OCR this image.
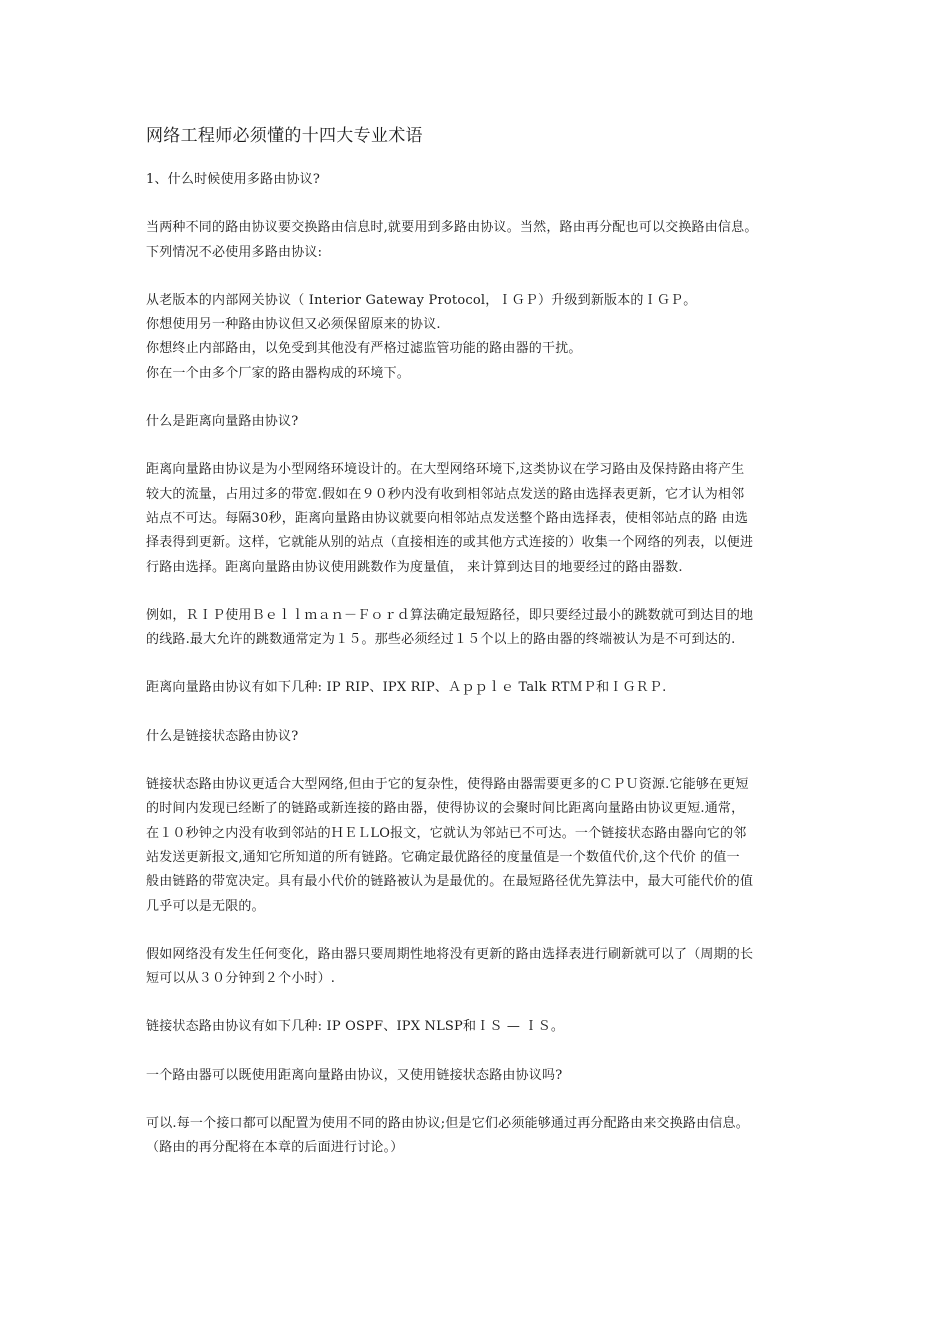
网络工程师必须懂的十四大专业术语

1、什么时候使用多路由协议?

当两种不同的路由协议要交换路由信息时,就要用到多路由协议。当然，路由再分配也可以交换路由信息。
下列情况不必使用多路由协议:

从老版本的内部网关协议（ Interior Gateway Protocol，ＩＧＰ）升级到新版本的ＩＧＰ。
你想使用另一种路由协议但又必须保留原来的协议.
你想终止内部路由，以免受到其他没有严格过滤监管功能的路由器的干扰。
你在一个由多个厂家的路由器构成的环境下。

什么是距离向量路由协议?

距离向量路由协议是为小型网络环境设计的。在大型网络环境下,这类协议在学习路由及保持路由将产生
较大的流量，占用过多的带宽.假如在９０秒内没有收到相邻站点发送的路由选择表更新，它才认为相邻
站点不可达。每隔30秒，距离向量路由协议就要向相邻站点发送整个路由选择表，使相邻站点的路 由选
择表得到更新。这样，它就能从别的站点（直接相连的或其他方式连接的）收集一个网络的列表，以便进
行路由选择。距离向量路由协议使用跳数作为度量值， 来计算到达目的地要经过的路由器数.

例如，ＲＩＰ使用Ｂｅｌｌｍａｎ－Ｆｏｒｄ算法确定最短路径，即只要经过最小的跳数就可到达目的地
的线路.最大允许的跳数通常定为１５。那些必须经过１５个以上的路由器的终端被认为是不可到达的.

距离向量路由协议有如下几种: IP RIP、IPX RIP、Ａｐｐｌｅ Talk RTＭＰ和ＩＧＲＰ.

什么是链接状态路由协议?

链接状态路由协议更适合大型网络,但由于它的复杂性，使得路由器需要更多的ＣＰＵ资源.它能够在更短
的时间内发现已经断了的链路或新连接的路由器，使得协议的会聚时间比距离向量路由协议更短.通常，
在１０秒钟之内没有收到邻站的ＨＥＬLO报文，它就认为邻站已不可达。一个链接状态路由器向它的邻
站发送更新报文,通知它所知道的所有链路。它确定最优路径的度量值是一个数值代价,这个代价 的值一
般由链路的带宽决定。具有最小代价的链路被认为是最优的。在最短路径优先算法中，最大可能代价的值
几乎可以是无限的。

假如网络没有发生任何变化，路由器只要周期性地将没有更新的路由选择表进行刷新就可以了（周期的长
短可以从３０分钟到２个小时）.

链接状态路由协议有如下几种: IP OSPF、IPX NLSP和ＩＳ — ＩＳ。

一个路由器可以既使用距离向量路由协议，又使用链接状态路由协议吗?

可以.每一个接口都可以配置为使用不同的路由协议;但是它们必须能够通过再分配路由来交换路由信息。
（路由的再分配将在本章的后面进行讨论。）
